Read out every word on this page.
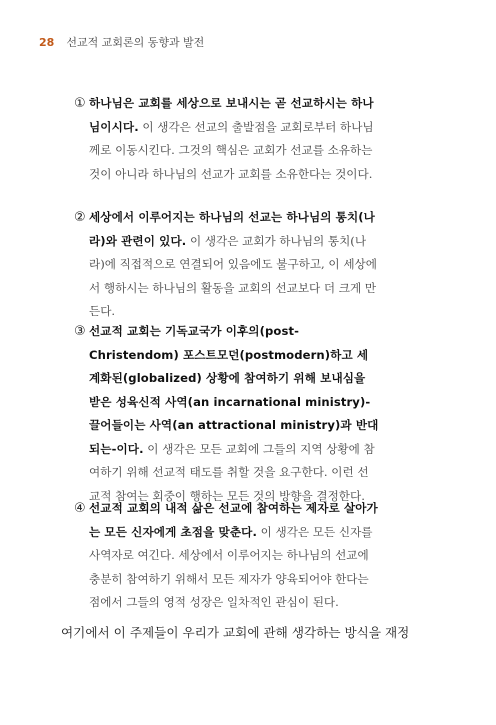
28 선교적 교회론의 동향과 발전
① 하나님은 교회를 세상으로 보내시는 곧 선교하시는 하나님이시다. 이 생각은 선교의 출발점을 교회로부터 하나님께로 이동시킨다. 그것의 핵심은 교회가 선교를 소유하는 것이 아니라 하나님의 선교가 교회를 소유한다는 것이다.
② 세상에서 이루어지는 하나님의 선교는 하나님의 통치(나라)와 관련이 있다. 이 생각은 교회가 하나님의 통치(나라)에 직접적으로 연결되어 있음에도 불구하고, 이 세상에서 행하시는 하나님의 활동을 교회의 선교보다 더 크게 만든다.
③ 선교적 교회는 기독교국가 이후의(post-Christendom) 포스트모던(postmodern)하고 세계화된(globalized) 상황에 참여하기 위해 보내심을 받은 성육신적 사역(an incarnational ministry)-끌어들이는 사역(an attractional ministry)과 반대되는-이다. 이 생각은 모든 교회에 그들의 지역 상황에 참여하기 위해 선교적 태도를 취할 것을 요구한다. 이런 선교적 참여는 회중이 행하는 모든 것의 방향을 결정한다.
④ 선교적 교회의 내적 삶은 선교에 참여하는 제자로 살아가는 모든 신자에게 초점을 맞춘다. 이 생각은 모든 신자를 사역자로 여긴다. 세상에서 이루어지는 하나님의 선교에 충분히 참여하기 위해서 모든 제자가 양육되어야 한다는 점에서 그들의 영적 성장은 일차적인 관심이 된다.
여기에서 이 주제들이 우리가 교회에 관해 생각하는 방식을 재정
